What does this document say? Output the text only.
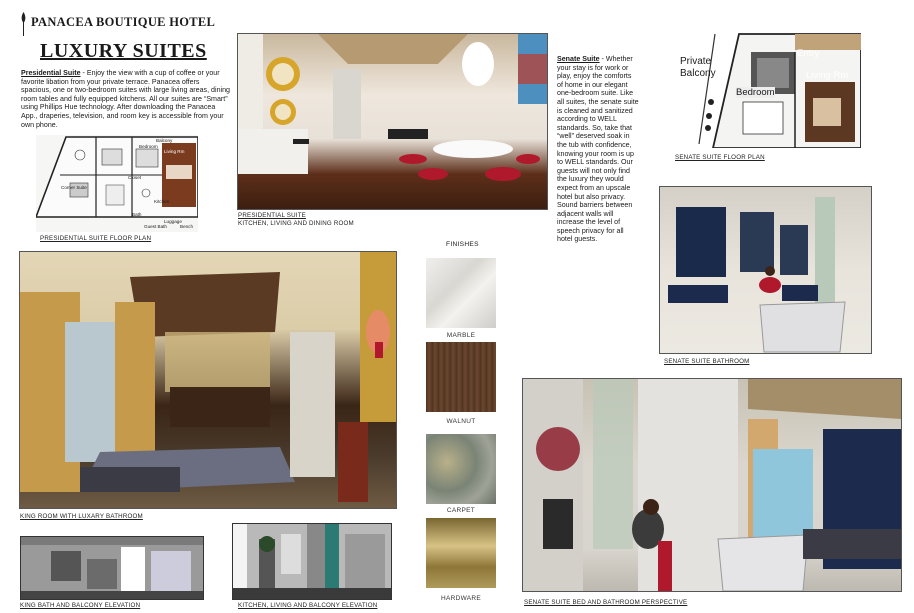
PANACEA BOUTIQUE HOTEL
LUXURY SUITES
Presidential Suite - Enjoy the view with a cup of coffee or your favorite libation from your private terrace. Panacea offers spacious, one or two-bedroom suites with large living areas, dining room tables and fully equipped kitchens. All our suites are “Smart” using Phillips Hue technology. After downloading the Panacea App., draperies, television, and room key is accessible from your own phone.
Balcony
Living Rm
Bedroom
Kitchen
Closet
Corner Suite
Bath
Luggage
Guest Bath	Bench
PRESIDENTIAL SUITE FLOOR PLAN
PRESIDENTIAL SUITE
KITCHEN, LIVING AND DINING ROOM
Senate Suite - Whether your stay is for work or play, enjoy the comforts of home in our elegant one-bedroom suite. Like all suites, the senate suite is cleaned and sanitized according to WELL standards. So, take that “well” deserved soak in the tub with confidence, knowing your room is up to WELL standards. Our guests will not only find the luxury they would expect from an upscale hotel but also privacy. Sound barriers between adjacent walls will increase the level of speech privacy for all hotel guests.
Private
Balcony
Entry
Living Rm
Bedroom
SENATE SUITE FLOOR PLAN
SENATE SUITE BATHROOM
FINISHES
MARBLE
WALNUT
CARPET
HARDWARE
KING ROOM WITH LUXARY BATHROOM
SENATE SUITE BED AND BATHROOM PERSPECTIVE
KING BATH AND BALCONY ELEVATION	KITCHEN, LIVING AND BALCONY ELEVATION
